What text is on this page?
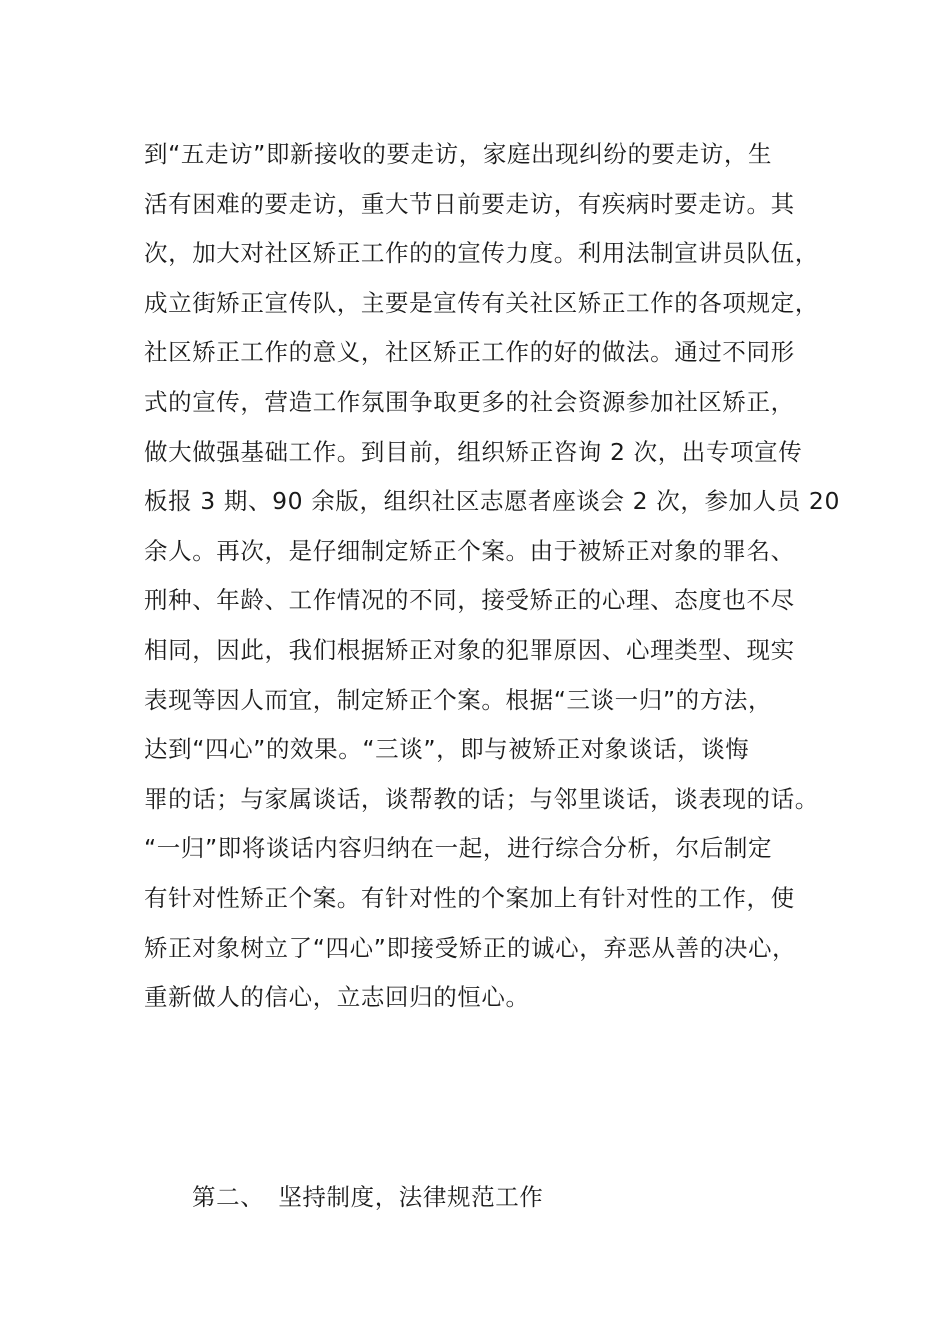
到“五走访”即新接收的要走访，家庭出现纠纷的要走访，生
活有困难的要走访，重大节日前要走访，有疾病时要走访。其
次，加大对社区矫正工作的的宣传力度。利用法制宣讲员队伍，
成立街矫正宣传队，主要是宣传有关社区矫正工作的各项规定，
社区矫正工作的意义，社区矫正工作的好的做法。通过不同形
式的宣传，营造工作氛围争取更多的社会资源参加社区矫正，
做大做强基础工作。到目前，组织矫正咨询 2 次，出专项宣传
板报 3 期、90 余版，组织社区志愿者座谈会 2 次，参加人员 20
余人。再次，是仔细制定矫正个案。由于被矫正对象的罪名、
刑种、年龄、工作情况的不同，接受矫正的心理、态度也不尽
相同，因此，我们根据矫正对象的犯罪原因、心理类型、现实
表现等因人而宜，制定矫正个案。根据“三谈一归”的方法，
达到“四心”的效果。“三谈”，即与被矫正对象谈话，谈悔
罪的话；与家属谈话，谈帮教的话；与邻里谈话，谈表现的话。
“一归”即将谈话内容归纳在一起，进行综合分析，尔后制定
有针对性矫正个案。有针对性的个案加上有针对性的工作，使
矫正对象树立了“四心”即接受矫正的诚心，弃恶从善的决心，
重新做人的信心，立志回归的恒心。
第二、 坚持制度，法律规范工作
